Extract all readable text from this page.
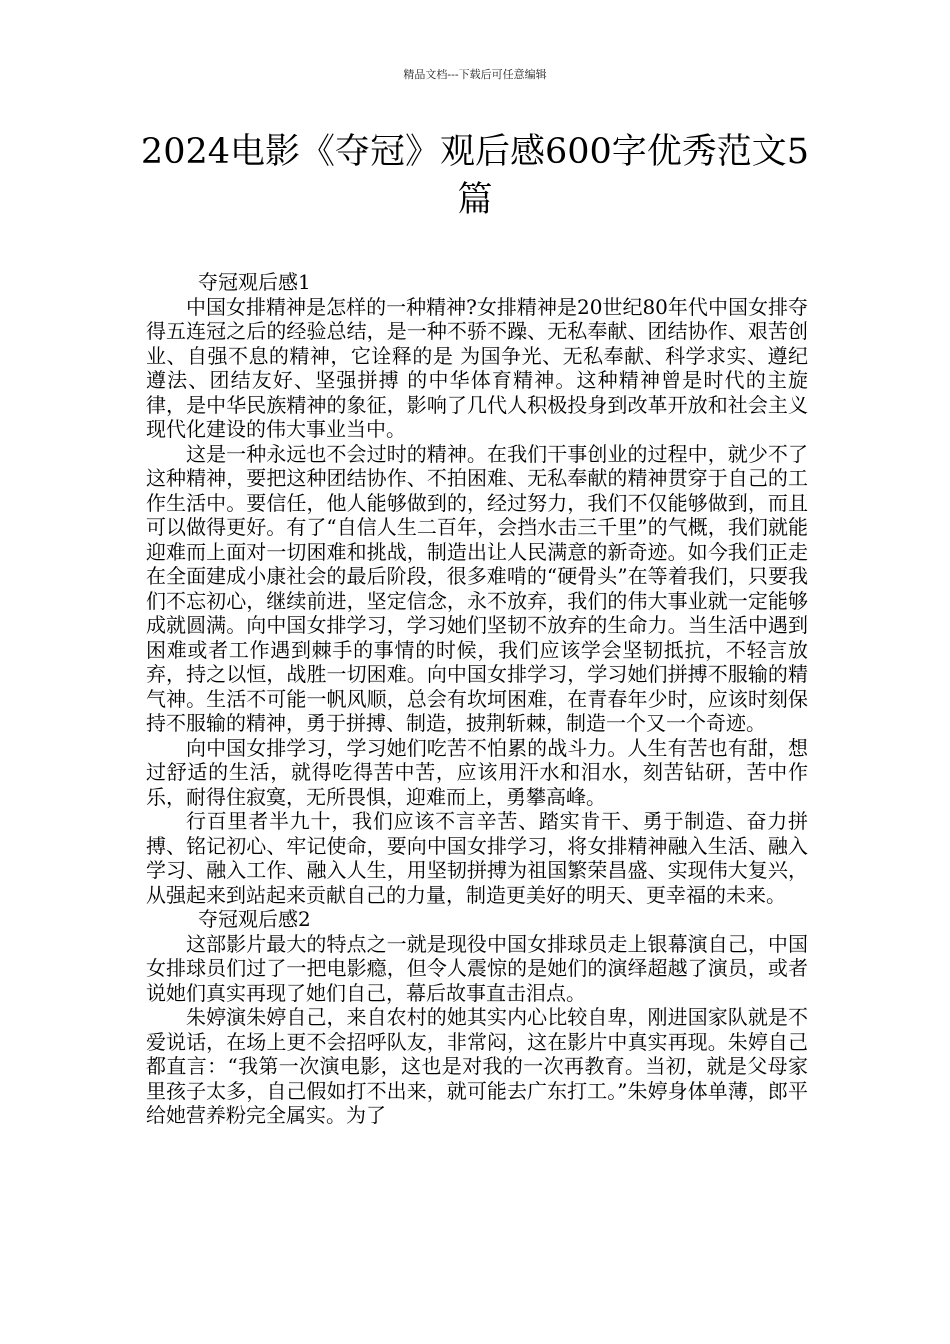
精品文档---下载后可任意编辑
2024电影《夺冠》观后感600字优秀范文5篇

夺冠观后感1

中国女排精神是怎样的一种精神?女排精神是20世纪80年代中国女排夺得五连冠之后的经验总结，是一种不骄不躁、无私奉献、团结协作、艰苦创业、自强不息的精神，它诠释的是 为国争光、无私奉献、科学求实、遵纪遵法、团结友好、坚强拼搏 的中华体育精神。这种精神曾是时代的主旋律，是中华民族精神的象征，影响了几代人积极投身到改革开放和社会主义现代化建设的伟大事业当中。

这是一种永远也不会过时的精神。在我们干事创业的过程中，就少不了这种精神，要把这种团结协作、不拍困难、无私奉献的精神贯穿于自己的工作生活中。要信任，他人能够做到的，经过努力，我们不仅能够做到，而且可以做得更好。有了“自信人生二百年，会挡水击三千里”的气概，我们就能迎难而上面对一切困难和挑战，制造出让人民满意的新奇迹。如今我们正走在全面建成小康社会的最后阶段，很多难啃的“硬骨头”在等着我们，只要我们不忘初心，继续前进，坚定信念，永不放弃，我们的伟大事业就一定能够成就圆满。向中国女排学习，学习她们坚韧不放弃的生命力。当生活中遇到困难或者工作遇到棘手的事情的时候，我们应该学会坚韧抵抗，不轻言放弃，持之以恒，战胜一切困难。向中国女排学习，学习她们拼搏不服输的精气神。生活不可能一帆风顺，总会有坎坷困难，在青春年少时，应该时刻保持不服输的精神，勇于拼搏、制造，披荆斩棘，制造一个又一个奇迹。

向中国女排学习，学习她们吃苦不怕累的战斗力。人生有苦也有甜，想过舒适的生活，就得吃得苦中苦，应该用汗水和泪水，刻苦钻研，苦中作乐，耐得住寂寞，无所畏惧，迎难而上，勇攀高峰。

行百里者半九十，我们应该不言辛苦、踏实肯干、勇于制造、奋力拼搏、铭记初心、牢记使命，要向中国女排学习，将女排精神融入生活、融入学习、融入工作、融入人生，用坚韧拼搏为祖国繁荣昌盛、实现伟大复兴，从强起来到站起来贡献自己的力量，制造更美好的明天、更幸福的未来。

夺冠观后感2

这部影片最大的特点之一就是现役中国女排球员走上银幕演自己，中国女排球员们过了一把电影瘾，但令人震惊的是她们的演绎超越了演员，或者说她们真实再现了她们自己，幕后故事直击泪点。

朱婷演朱婷自己，来自农村的她其实内心比较自卑，刚进国家队就是不爱说话，在场上更不会招呼队友，非常闷，这在影片中真实再现。朱婷自己都直言：“我第一次演电影，这也是对我的一次再教育。当初，就是父母家里孩子太多，自己假如打不出来，就可能去广东打工。”朱婷身体单薄，郎平给她营养粉完全属实。为了
